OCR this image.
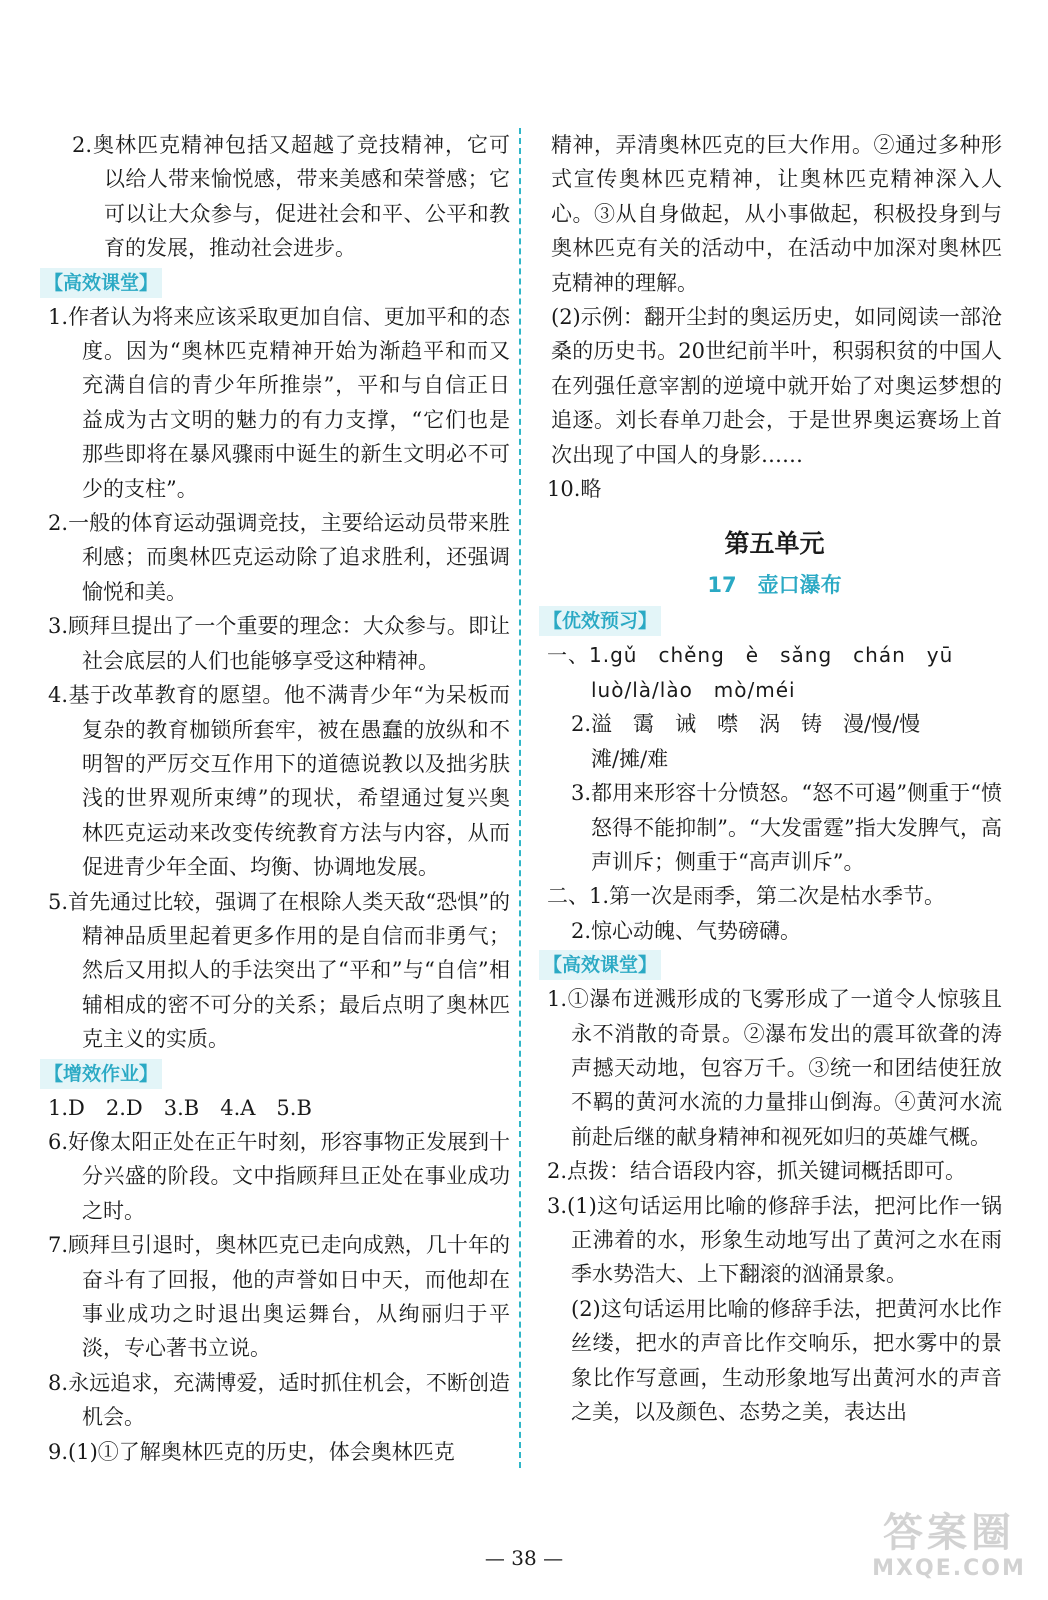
2.奥林匹克精神包括又超越了竞技精神，它可以给人带来愉悦感，带来美感和荣誉感；它可以让大众参与，促进社会和平、公平和教育的发展，推动社会进步。

【高效课堂】

1.作者认为将来应该采取更加自信、更加平和的态度。因为“奥林匹克精神开始为渐趋平和而又充满自信的青少年所推崇”，平和与自信正日益成为古文明的魅力的有力支撑，“它们也是那些即将在暴风骤雨中诞生的新生文明必不可少的支柱”。

2.一般的体育运动强调竞技，主要给运动员带来胜利感；而奥林匹克运动除了追求胜利，还强调愉悦和美。

3.顾拜旦提出了一个重要的理念：大众参与。即让社会底层的人们也能够享受这种精神。

4.基于改革教育的愿望。他不满青少年“为呆板而复杂的教育枷锁所套牢，被在愚蠢的放纵和不明智的严厉交互作用下的道德说教以及拙劣肤浅的世界观所束缚”的现状，希望通过复兴奥林匹克运动来改变传统教育方法与内容，从而促进青少年全面、均衡、协调地发展。

5.首先通过比较，强调了在根除人类天敌“恐惧”的精神品质里起着更多作用的是自信而非勇气；然后又用拟人的手法突出了“平和”与“自信”相辅相成的密不可分的关系；最后点明了奥林匹克主义的实质。

【增效作业】

1.D　2.D　3.B　4.A　5.B

6.好像太阳正处在正午时刻，形容事物正发展到十分兴盛的阶段。文中指顾拜旦正处在事业成功之时。

7.顾拜旦引退时，奥林匹克已走向成熟，几十年的奋斗有了回报，他的声誉如日中天，而他却在事业成功之时退出奥运舞台，从绚丽归于平淡，专心著书立说。

8.永远追求，充满博爱，适时抓住机会，不断创造机会。

9.(1)①了解奥林匹克的历史，体会奥林匹克

精神，弄清奥林匹克的巨大作用。②通过多种形式宣传奥林匹克精神，让奥林匹克精神深入人心。③从自身做起，从小事做起，积极投身到与奥林匹克有关的活动中，在活动中加深对奥林匹克精神的理解。

(2)示例：翻开尘封的奥运历史，如同阅读一部沧桑的历史书。20世纪前半叶，积弱积贫的中国人在列强任意宰割的逆境中就开始了对奥运梦想的追逐。刘长春单刀赴会，于是世界奥运赛场上首次出现了中国人的身影……

10.略

第五单元
17　壶口瀑布
【优效预习】

一、1.gǔ　chěng　è　sǎng　chán　yū

luò/là/lào　mò/méi

2.溢　霭　诫　噤　涡　铸　漫/慢/慢

滩/摊/难

3.都用来形容十分愤怒。“怒不可遏”侧重于“愤怒得不能抑制”。“大发雷霆”指大发脾气，高声训斥；侧重于“高声训斥”。

二、1.第一次是雨季，第二次是枯水季节。

2.惊心动魄、气势磅礴。

【高效课堂】

1.①瀑布迸溅形成的飞雾形成了一道令人惊骇且永不消散的奇景。②瀑布发出的震耳欲聋的涛声撼天动地，包容万千。③统一和团结使狂放不羁的黄河水流的力量排山倒海。④黄河水流前赴后继的献身精神和视死如归的英雄气概。

2.点拨：结合语段内容，抓关键词概括即可。

3.(1)这句话运用比喻的修辞手法，把河比作一锅正沸着的水，形象生动地写出了黄河之水在雨季水势浩大、上下翻滚的汹涌景象。

(2)这句话运用比喻的修辞手法，把黄河水比作丝缕，把水的声音比作交响乐，把水雾中的景象比作写意画，生动形象地写出黄河水的声音之美，以及颜色、态势之美，表达出

— 38 —
答案圈
MXQE.COM
